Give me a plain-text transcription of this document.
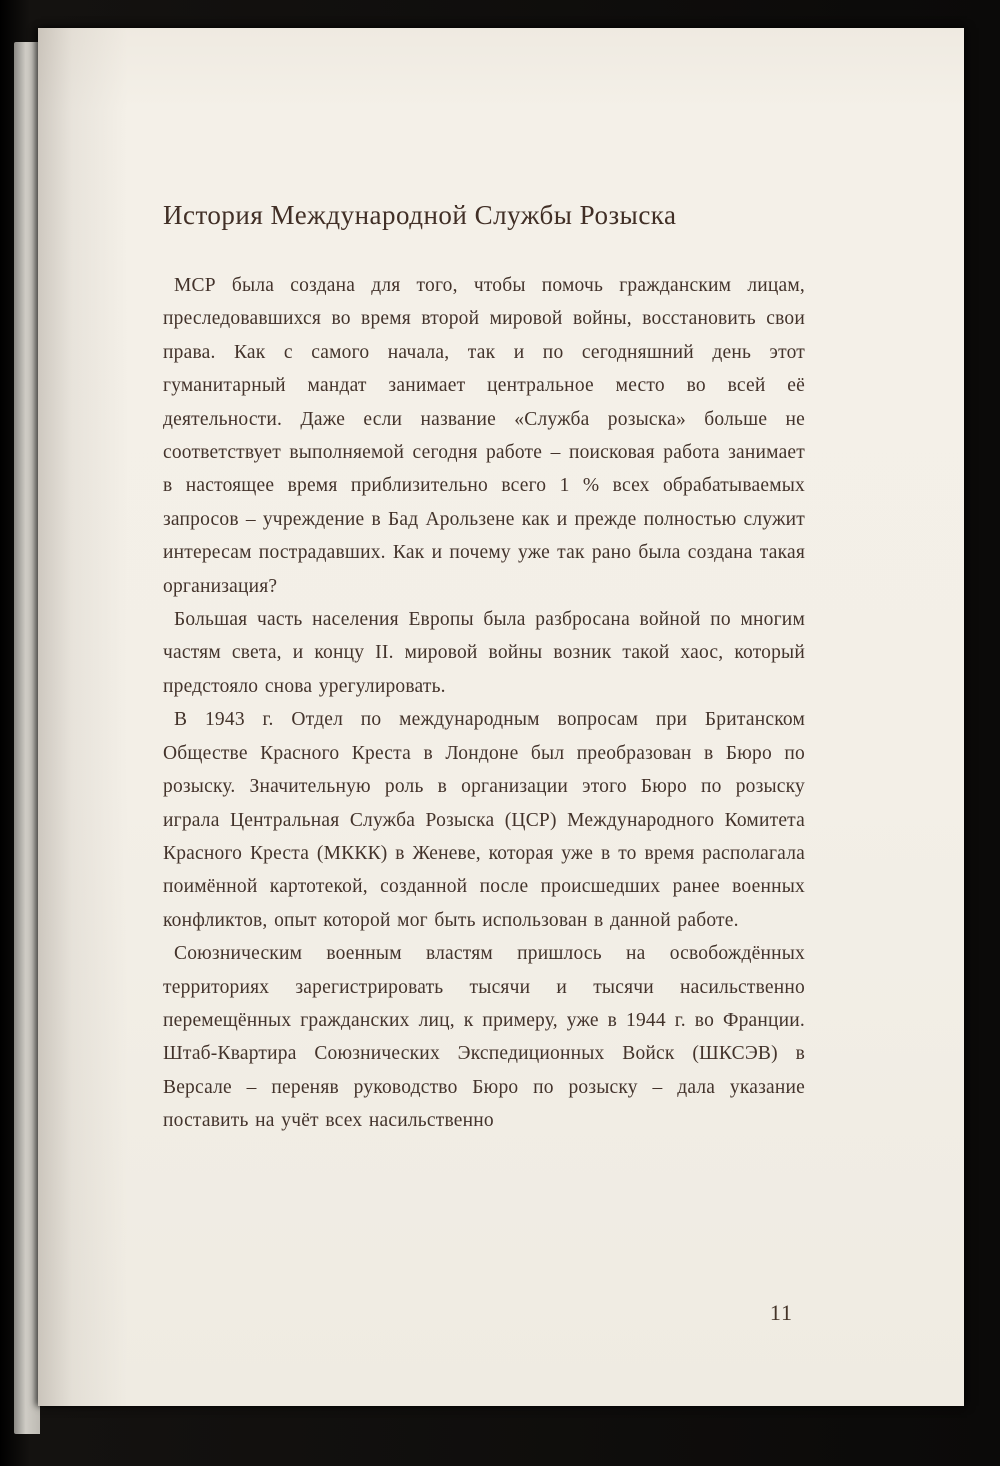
История Международной Службы Розыска

МСР была создана для того, чтобы помочь гражданским лицам, преследовавшихся во время второй мировой войны, восстановить свои права. Как с самого начала, так и по сегодняшний день этот гуманитарный мандат занимает центральное место во всей её деятельности. Даже если название «Служба розыска» больше не соответствует выполняемой сегодня работе – поисковая работа занимает в настоящее время приблизительно всего 1 % всех обрабатываемых запросов – учреждение в Бад Арользене как и прежде полностью служит интересам пострадавших. Как и почему уже так рано была создана такая организация?

Большая часть населения Европы была разбросана войной по многим частям света, и концу II. мировой войны возник такой хаос, который предстояло снова урегулировать.

В 1943 г. Отдел по международным вопросам при Британском Обществе Красного Креста в Лондоне был преобразован в Бюро по розыску. Значительную роль в организации этого Бюро по розыску играла Центральная Служба Розыска (ЦСР) Международного Комитета Красного Креста (МККК) в Женеве, которая уже в то время располагала поимённой картотекой, созданной после происшедших ранее военных конфликтов, опыт которой мог быть использован в данной работе.

Союзническим военным властям пришлось на освобождённых территориях зарегистрировать тысячи и тысячи насильственно перемещённых гражданских лиц, к примеру, уже в 1944 г. во Франции. Штаб-Квартира Союзнических Экспедиционных Войск (ШКСЭВ) в Версале – переняв руководство Бюро по розыску – дала указание поставить на учёт всех насильственно

11
